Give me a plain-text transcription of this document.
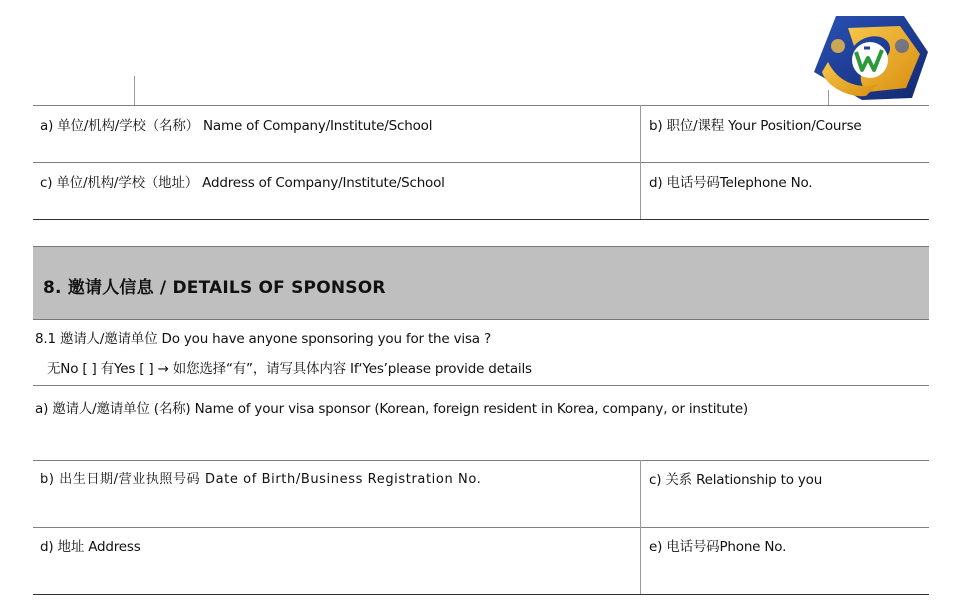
a) 单位/机构/学校（名称） Name of Company/Institute/School	b) 职位/课程 Your Position/Course
c) 单位/机构/学校（地址） Address of Company/Institute/School	d) 电话号码Telephone No.
8. 邀请人信息 / DETAILS OF SPONSOR
8.1 邀请人/邀请单位 Do you have anyone sponsoring you for the visa ?
无No [ ] 有Yes [ ] → 如您选择“有”，请写具体内容 If‘Yes’please provide details
a) 邀请人/邀请单位 (名称) Name of your visa sponsor (Korean, foreign resident in Korea, company, or institute)
b) 出生日期/营业执照号码 Date of Birth/Business Registration No.	c) 关系 Relationship to you
d) 地址 Address	e) 电话号码Phone No.
